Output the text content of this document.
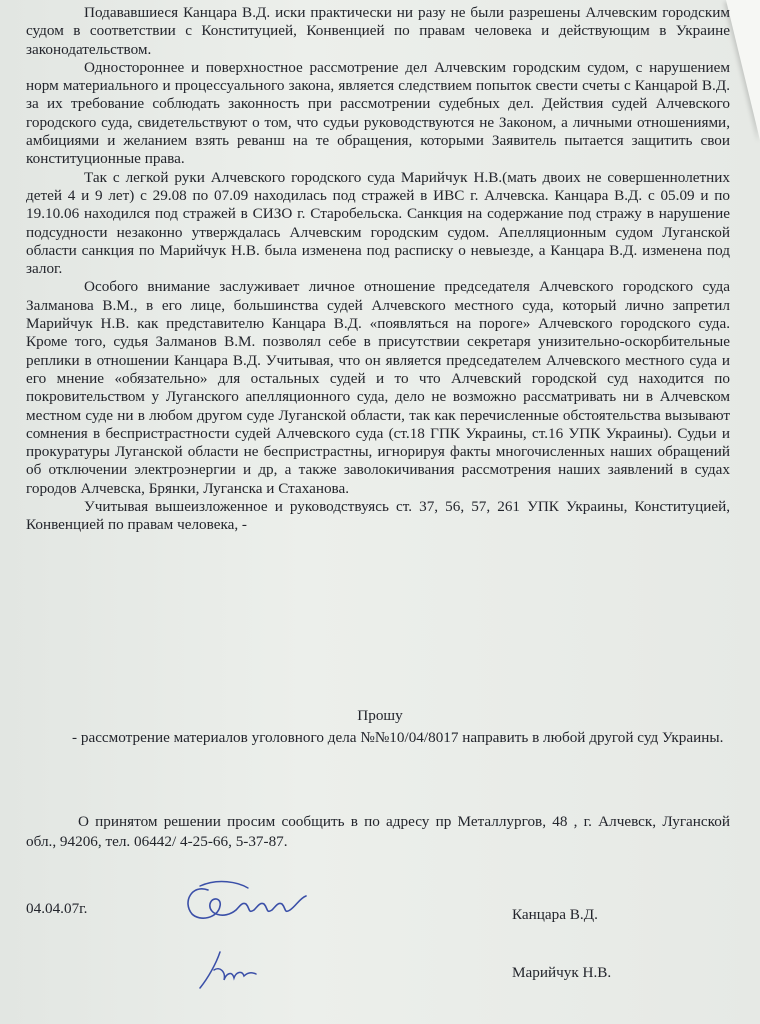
Подававшиеся Канцара В.Д. иски практически ни разу не были разрешены Алчевским городским судом в соответствии с Конституцией, Конвенцией по правам человека и действующим в Украине законодательством.

Одностороннее и поверхностное рассмотрение дел Алчевским городским судом, с нарушением норм материального и процессуального закона, является следствием попыток свести счеты с Канцарой В.Д. за их требование соблюдать законность при рассмотрении судебных дел. Действия судей Алчевского городского суда, свидетельствуют о том, что судьи руководствуются не Законом, а личными отношениями, амбициями и желанием взять реванш на те обращения, которыми Заявитель пытается защитить свои конституционные права.

Так с легкой руки Алчевского городского суда Марийчук Н.В.(мать двоих не совершеннолетних детей 4 и 9 лет) с 29.08 по 07.09 находилась под стражей в ИВС г. Алчевска. Канцара В.Д. с 05.09 и по 19.10.06 находился под стражей в СИЗО г. Старобельска. Санкция на содержание под стражу в нарушение подсудности незаконно утверждалась Алчевским городским судом. Апелляционным судом Луганской области санкция по Марийчук Н.В. была изменена под расписку о невыезде, а Канцара В.Д. изменена под залог.

Особого внимание заслуживает личное отношение председателя Алчевского городского суда Залманова В.М., в его лице, большинства судей Алчевского местного суда, который лично запретил Марийчук Н.В. как представителю Канцара В.Д. «появляться на пороге» Алчевского городского суда. Кроме того, судья Залманов В.М. позволял себе в присутствии секретаря унизительно-оскорбительные реплики в отношении Канцара В.Д. Учитывая, что он является председателем Алчевского местного суда и его мнение «обязательно» для остальных судей и то что Алчевский городской суд находится по покровительством у Луганского апелляционного суда, дело не возможно рассматривать ни в Алчевском местном суде ни в любом другом суде Луганской области, так как перечисленные обстоятельства вызывают сомнения в беспристрастности судей Алчевского суда (ст.18 ГПК Украины, ст.16 УПК Украины). Судьи и прокуратуры Луганской области не беспристрастны, игнорируя факты многочисленных наших обращений об отключении электроэнергии и др, а также заволокичивания рассмотрения наших заявлений в судах городов Алчевска, Брянки, Луганска и Стаханова.

Учитывая вышеизложенное и руководствуясь ст. 37, 56, 57, 261 УПК Украины, Конституцией, Конвенцией по правам человека, -

Прошу
- рассмотрение материалов уголовного дела №№10/04/8017 направить в любой другой суд Украины.
О принятом решении просим сообщить в по адресу пр Металлургов, 48 , г. Алчевск, Луганской обл., 94206, тел. 06442/ 4-25-66, 5-37-87.
04.04.07г.	Канцара В.Д.
Марийчук Н.В.
